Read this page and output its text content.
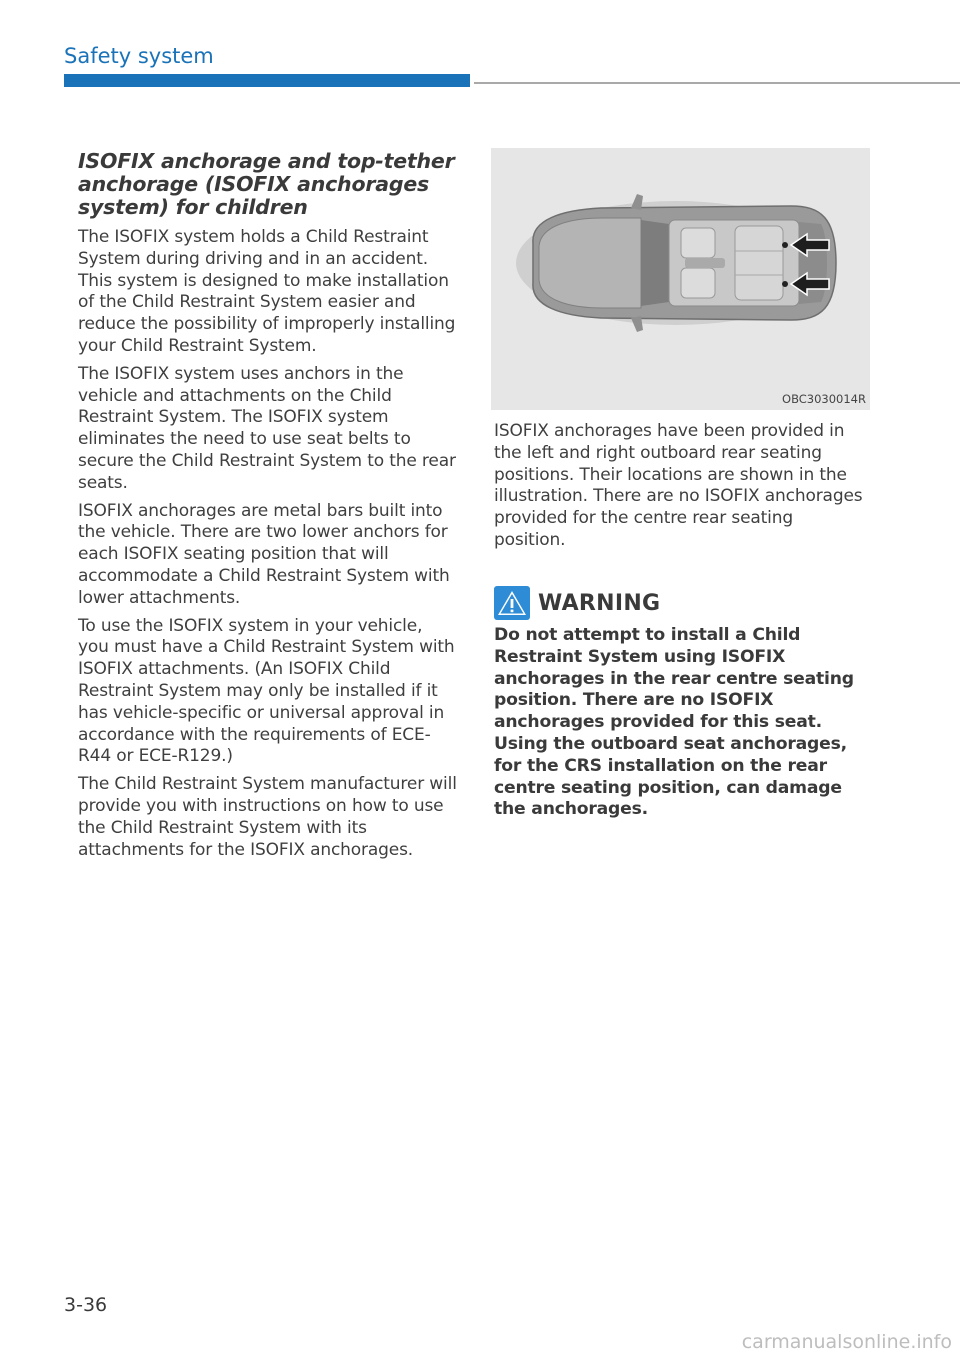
Safety system
ISOFIX anchorage and top-tether anchorage (ISOFIX anchorages system) for children

The ISOFIX system holds a Child Restraint System during driving and in an accident. This system is designed to make installation of the Child Restraint System easier and reduce the possibility of improperly installing your Child Restraint System.

The ISOFIX system uses anchors in the vehicle and attachments on the Child Restraint System. The ISOFIX system eliminates the need to use seat belts to secure the Child Restraint System to the rear seats.

ISOFIX anchorages are metal bars built into the vehicle. There are two lower anchors for each ISOFIX seating position that will accommodate a Child Restraint System with lower attachments.

To use the ISOFIX system in your vehicle, you must have a Child Restraint System with ISOFIX attachments. (An ISOFIX Child Restraint System may only be installed if it has vehicle-specific or universal approval in accordance with the requirements of ECE-R44 or ECE-R129.)

The Child Restraint System manufacturer will provide you with instructions on how to use the Child Restraint System with its attachments for the ISOFIX anchorages.

OBC3030014R

ISOFIX anchorages have been provided in the left and right outboard rear seating positions. Their locations are shown in the illustration. There are no ISOFIX anchorages provided for the centre rear seating position.

WARNING

Do not attempt to install a Child Restraint System using ISOFIX anchorages in the rear centre seating position. There are no ISOFIX anchorages provided for this seat. Using the outboard seat anchorages, for the CRS installation on the rear centre seating position, can damage the anchorages.

3-36
carmanualsonline.info
